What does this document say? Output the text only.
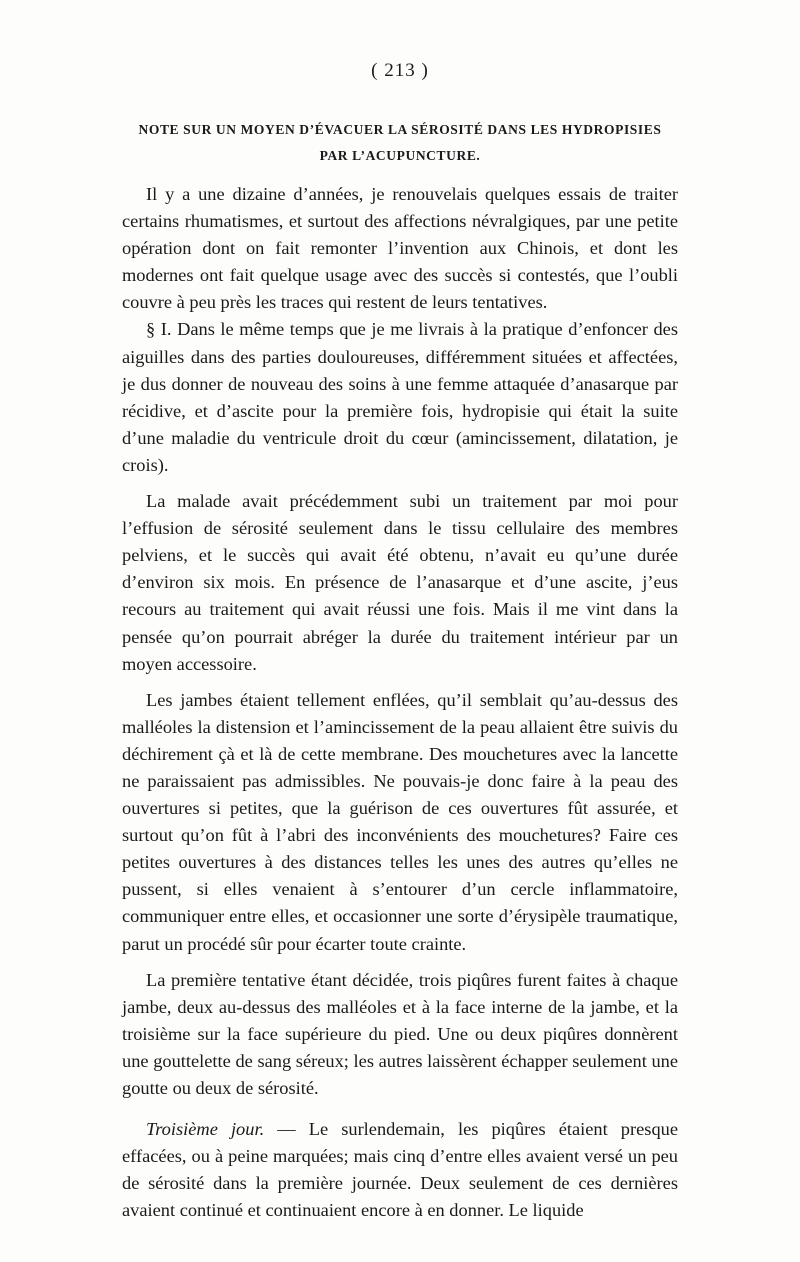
( 213 )
NOTE SUR UN MOYEN D’ÉVACUER LA SÉROSITÉ DANS LES HYDROPISIES
PAR L’ACUPUNCTURE.

Il y a une dizaine d’années, je renouvelais quelques essais de traiter certains rhumatismes, et surtout des affections névralgiques, par une petite opération dont on fait remonter l’invention aux Chinois, et dont les modernes ont fait quelque usage avec des succès si contestés, que l’oubli couvre à peu près les traces qui restent de leurs tentatives.

§ I. Dans le même temps que je me livrais à la pratique d’enfoncer des aiguilles dans des parties douloureuses, différemment situées et affectées, je dus donner de nouveau des soins à une femme attaquée d’anasarque par récidive, et d’ascite pour la première fois, hydropisie qui était la suite d’une maladie du ventricule droit du cœur (amincissement, dilatation, je crois).

La malade avait précédemment subi un traitement par moi pour l’effusion de sérosité seulement dans le tissu cellulaire des membres pelviens, et le succès qui avait été obtenu, n’avait eu qu’une durée d’environ six mois. En présence de l’anasarque et d’une ascite, j’eus recours au traitement qui avait réussi une fois. Mais il me vint dans la pensée qu’on pourrait abréger la durée du traitement intérieur par un moyen accessoire.

Les jambes étaient tellement enflées, qu’il semblait qu’au-dessus des malléoles la distension et l’amincissement de la peau allaient être suivis du déchirement çà et là de cette membrane. Des mouchetures avec la lancette ne paraissaient pas admissibles. Ne pouvais-je donc faire à la peau des ouvertures si petites, que la guérison de ces ouvertures fût assurée, et surtout qu’on fût à l’abri des inconvénients des mouchetures? Faire ces petites ouvertures à des distances telles les unes des autres qu’elles ne pussent, si elles venaient à s’entourer d’un cercle inflammatoire, communiquer entre elles, et occasionner une sorte d’érysipèle traumatique, parut un procédé sûr pour écarter toute crainte.

La première tentative étant décidée, trois piqûres furent faites à chaque jambe, deux au-dessus des malléoles et à la face interne de la jambe, et la troisième sur la face supérieure du pied. Une ou deux piqûres donnèrent une gouttelette de sang séreux; les autres laissèrent échapper seulement une goutte ou deux de sérosité.

Troisième jour. — Le surlendemain, les piqûres étaient presque effacées, ou à peine marquées; mais cinq d’entre elles avaient versé un peu de sérosité dans la première journée. Deux seulement de ces dernières avaient continué et continuaient encore à en donner. Le liquide
